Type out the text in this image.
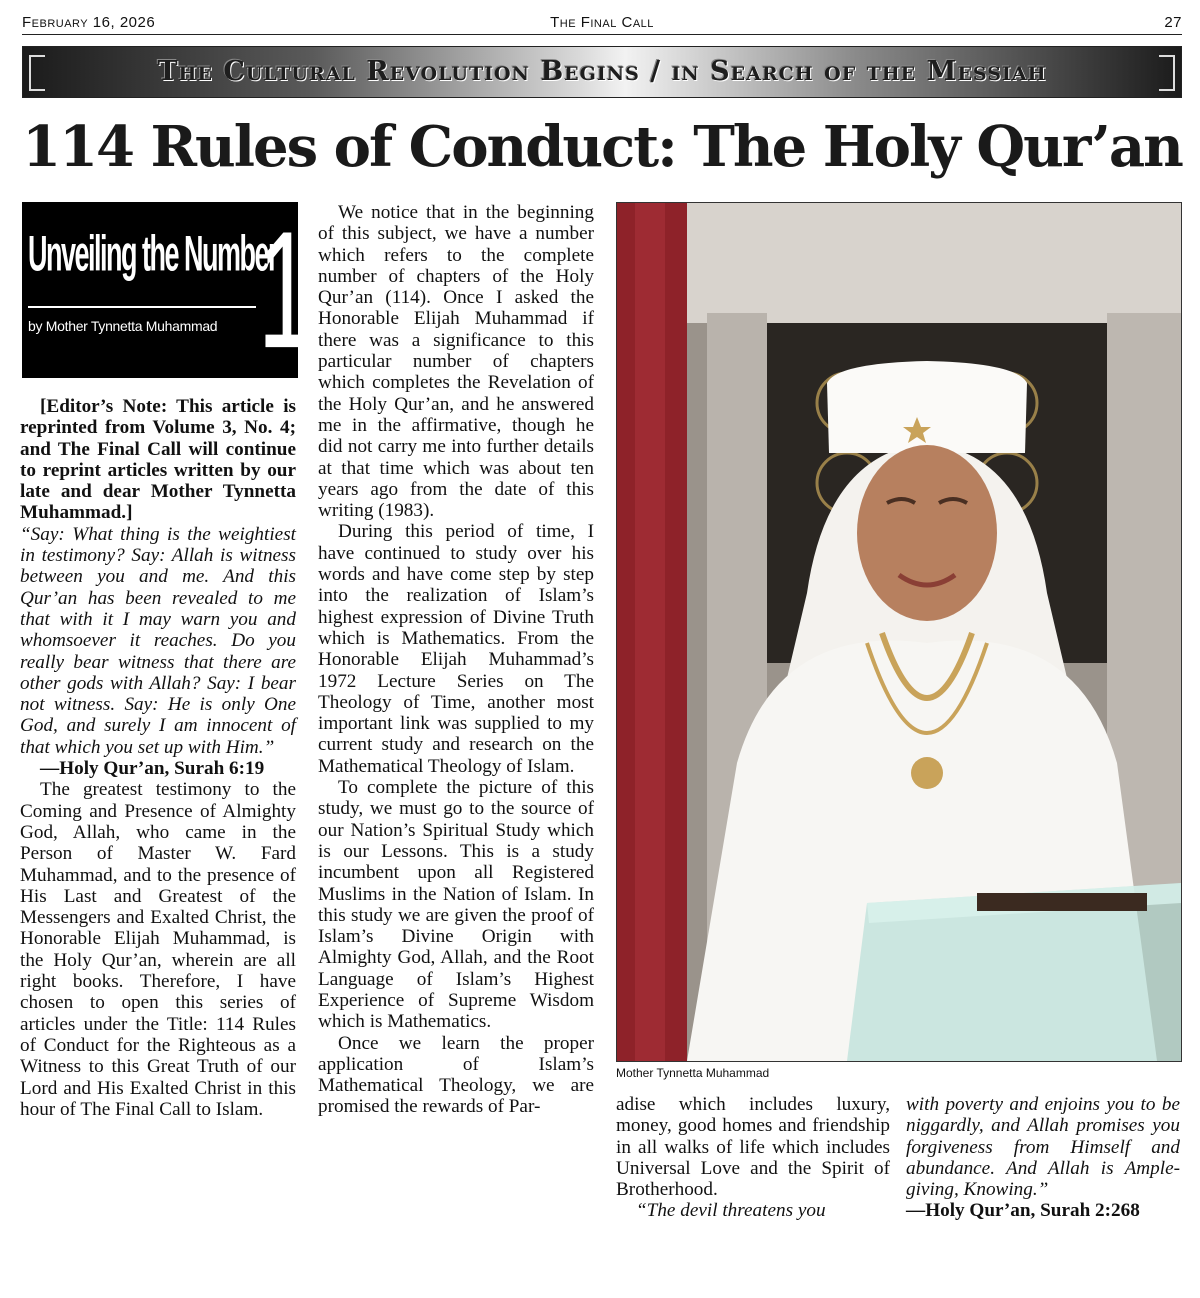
February 16, 2026	The Final Call	27
The Cultural Revolution Begins / in Search of the Messiah
114 Rules of Conduct: The Holy Qur’an
Unveiling the Number
by Mother Tynnetta Muhammad 19

[Editor’s Note: This article is reprinted from Volume 3, No. 4; and The Final Call will continue to reprint articles written by our late and dear Mother Tynnetta Muhammad.]

“Say: What thing is the weightiest in testimony? Say: Allah is witness between you and me. And this Qur’an has been revealed to me that with it I may warn you and whomsoever it reaches. Do you really bear witness that there are other gods with Allah? Say: I bear not witness. Say: He is only One God, and surely I am innocent of that which you set up with Him.”

—Holy Qur’an, Surah 6:19

The greatest testimony to the Coming and Presence of Almighty God, Allah, who came in the Person of Master W. Fard Muhammad, and to the presence of His Last and Greatest of the Messengers and Exalted Christ, the Honorable Elijah Muhammad, is the Holy Qur’an, wherein are all right books. Therefore, I have chosen to open this series of articles under the Title: 114 Rules of Conduct for the Righteous as a Witness to this Great Truth of our Lord and His Exalted Christ in this hour of The Final Call to Islam.

We notice that in the beginning of this subject, we have a number which refers to the complete number of chapters of the Holy Qur’an (114). Once I asked the Honorable Elijah Muhammad if there was a significance to this particular number of chapters which completes the Revelation of the Holy Qur’an, and he answered me in the affirmative, though he did not carry me into further details at that time which was about ten years ago from the date of this writing (1983).

During this period of time, I have continued to study over his words and have come step by step into the realization of Islam’s highest expression of Divine Truth which is Mathematics. From the Honorable Elijah Muhammad’s 1972 Lecture Series on The Theology of Time, another most important link was supplied to my current study and research on the Mathematical Theology of Islam.

To complete the picture of this study, we must go to the source of our Nation’s Spiritual Study which is our Lessons. This is a study incumbent upon all Registered Muslims in the Nation of Islam. In this study we are given the proof of Islam’s Divine Origin with Almighty God, Allah, and the Root Language of Islam’s Highest Experience of Supreme Wisdom which is Mathematics.

Once we learn the proper application of Islam’s Mathematical Theology, we are promised the rewards of Par-

Mother Tynnetta Muhammad

adise which includes luxury, money, good homes and friendship in all walks of life which includes Universal Love and the Spirit of Brotherhood.

“The devil threatens you

with poverty and enjoins you to be niggardly, and Allah promises you forgiveness from Himself and abundance. And Allah is Ample-giving, Knowing.”

—Holy Qur’an, Surah 2:268
